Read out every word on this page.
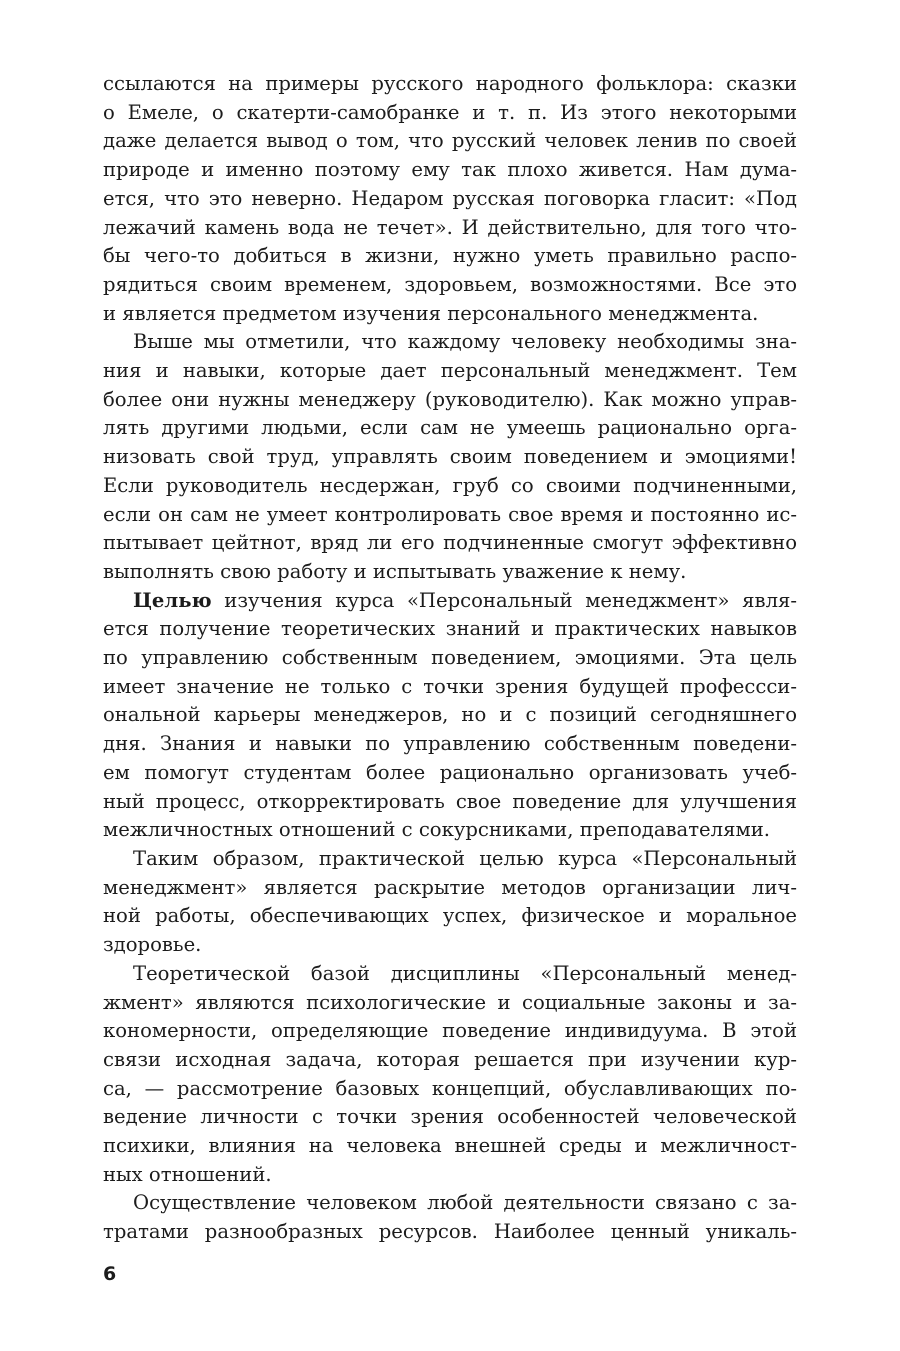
ссылаются на примеры русского народного фольклора: сказки
о Емеле, о скатерти-самобранке и т. п. Из этого некоторыми
даже делается вывод о том, что русский человек ленив по своей
природе и именно поэтому ему так плохо живется. Нам дума-
ется, что это неверно. Недаром русская поговорка гласит: «Под
лежачий камень вода не течет». И действительно, для того что-
бы чего-то добиться в жизни, нужно уметь правильно распо-
рядиться своим временем, здоровьем, возможностями. Все это
и является предметом изучения персонального менеджмента.
Выше мы отметили, что каждому человеку необходимы зна-
ния и навыки, которые дает персональный менеджмент. Тем
более они нужны менеджеру (руководителю). Как можно управ-
лять другими людьми, если сам не умеешь рационально орга-
низовать свой труд, управлять своим поведением и эмоциями!
Если руководитель несдержан, груб со своими подчиненными,
если он сам не умеет контролировать свое время и постоянно ис-
пытывает цейтнот, вряд ли его подчиненные смогут эффективно
выполнять свою работу и испытывать уважение к нему.
Целью изучения курса «Персональный менеджмент» явля-
ется получение теоретических знаний и практических навыков
по управлению собственным поведением, эмоциями. Эта цель
имеет значение не только с точки зрения будущей профессси-
ональной карьеры менеджеров, но и с позиций сегодняшнего
дня. Знания и навыки по управлению собственным поведени-
ем помогут студентам более рационально организовать учеб-
ный процесс, откорректировать свое поведение для улучшения
межличностных отношений с сокурсниками, преподавателями.
Таким образом, практической целью курса «Персональный
менеджмент» является раскрытие методов организации лич-
ной работы, обеспечивающих успех, физическое и моральное
здоровье.
Теоретической базой дисциплины «Персональный менед-
жмент» являются психологические и социальные законы и за-
кономерности, определяющие поведение индивидуума. В этой
связи исходная задача, которая решается при изучении кур-
са, — рассмотрение базовых концепций, обуславливающих по-
ведение личности с точки зрения особенностей человеческой
психики, влияния на человека внешней среды и межличност-
ных отношений.
Осуществление человеком любой деятельности связано с за-
тратами разнообразных ресурсов. Наиболее ценный уникаль-
6
